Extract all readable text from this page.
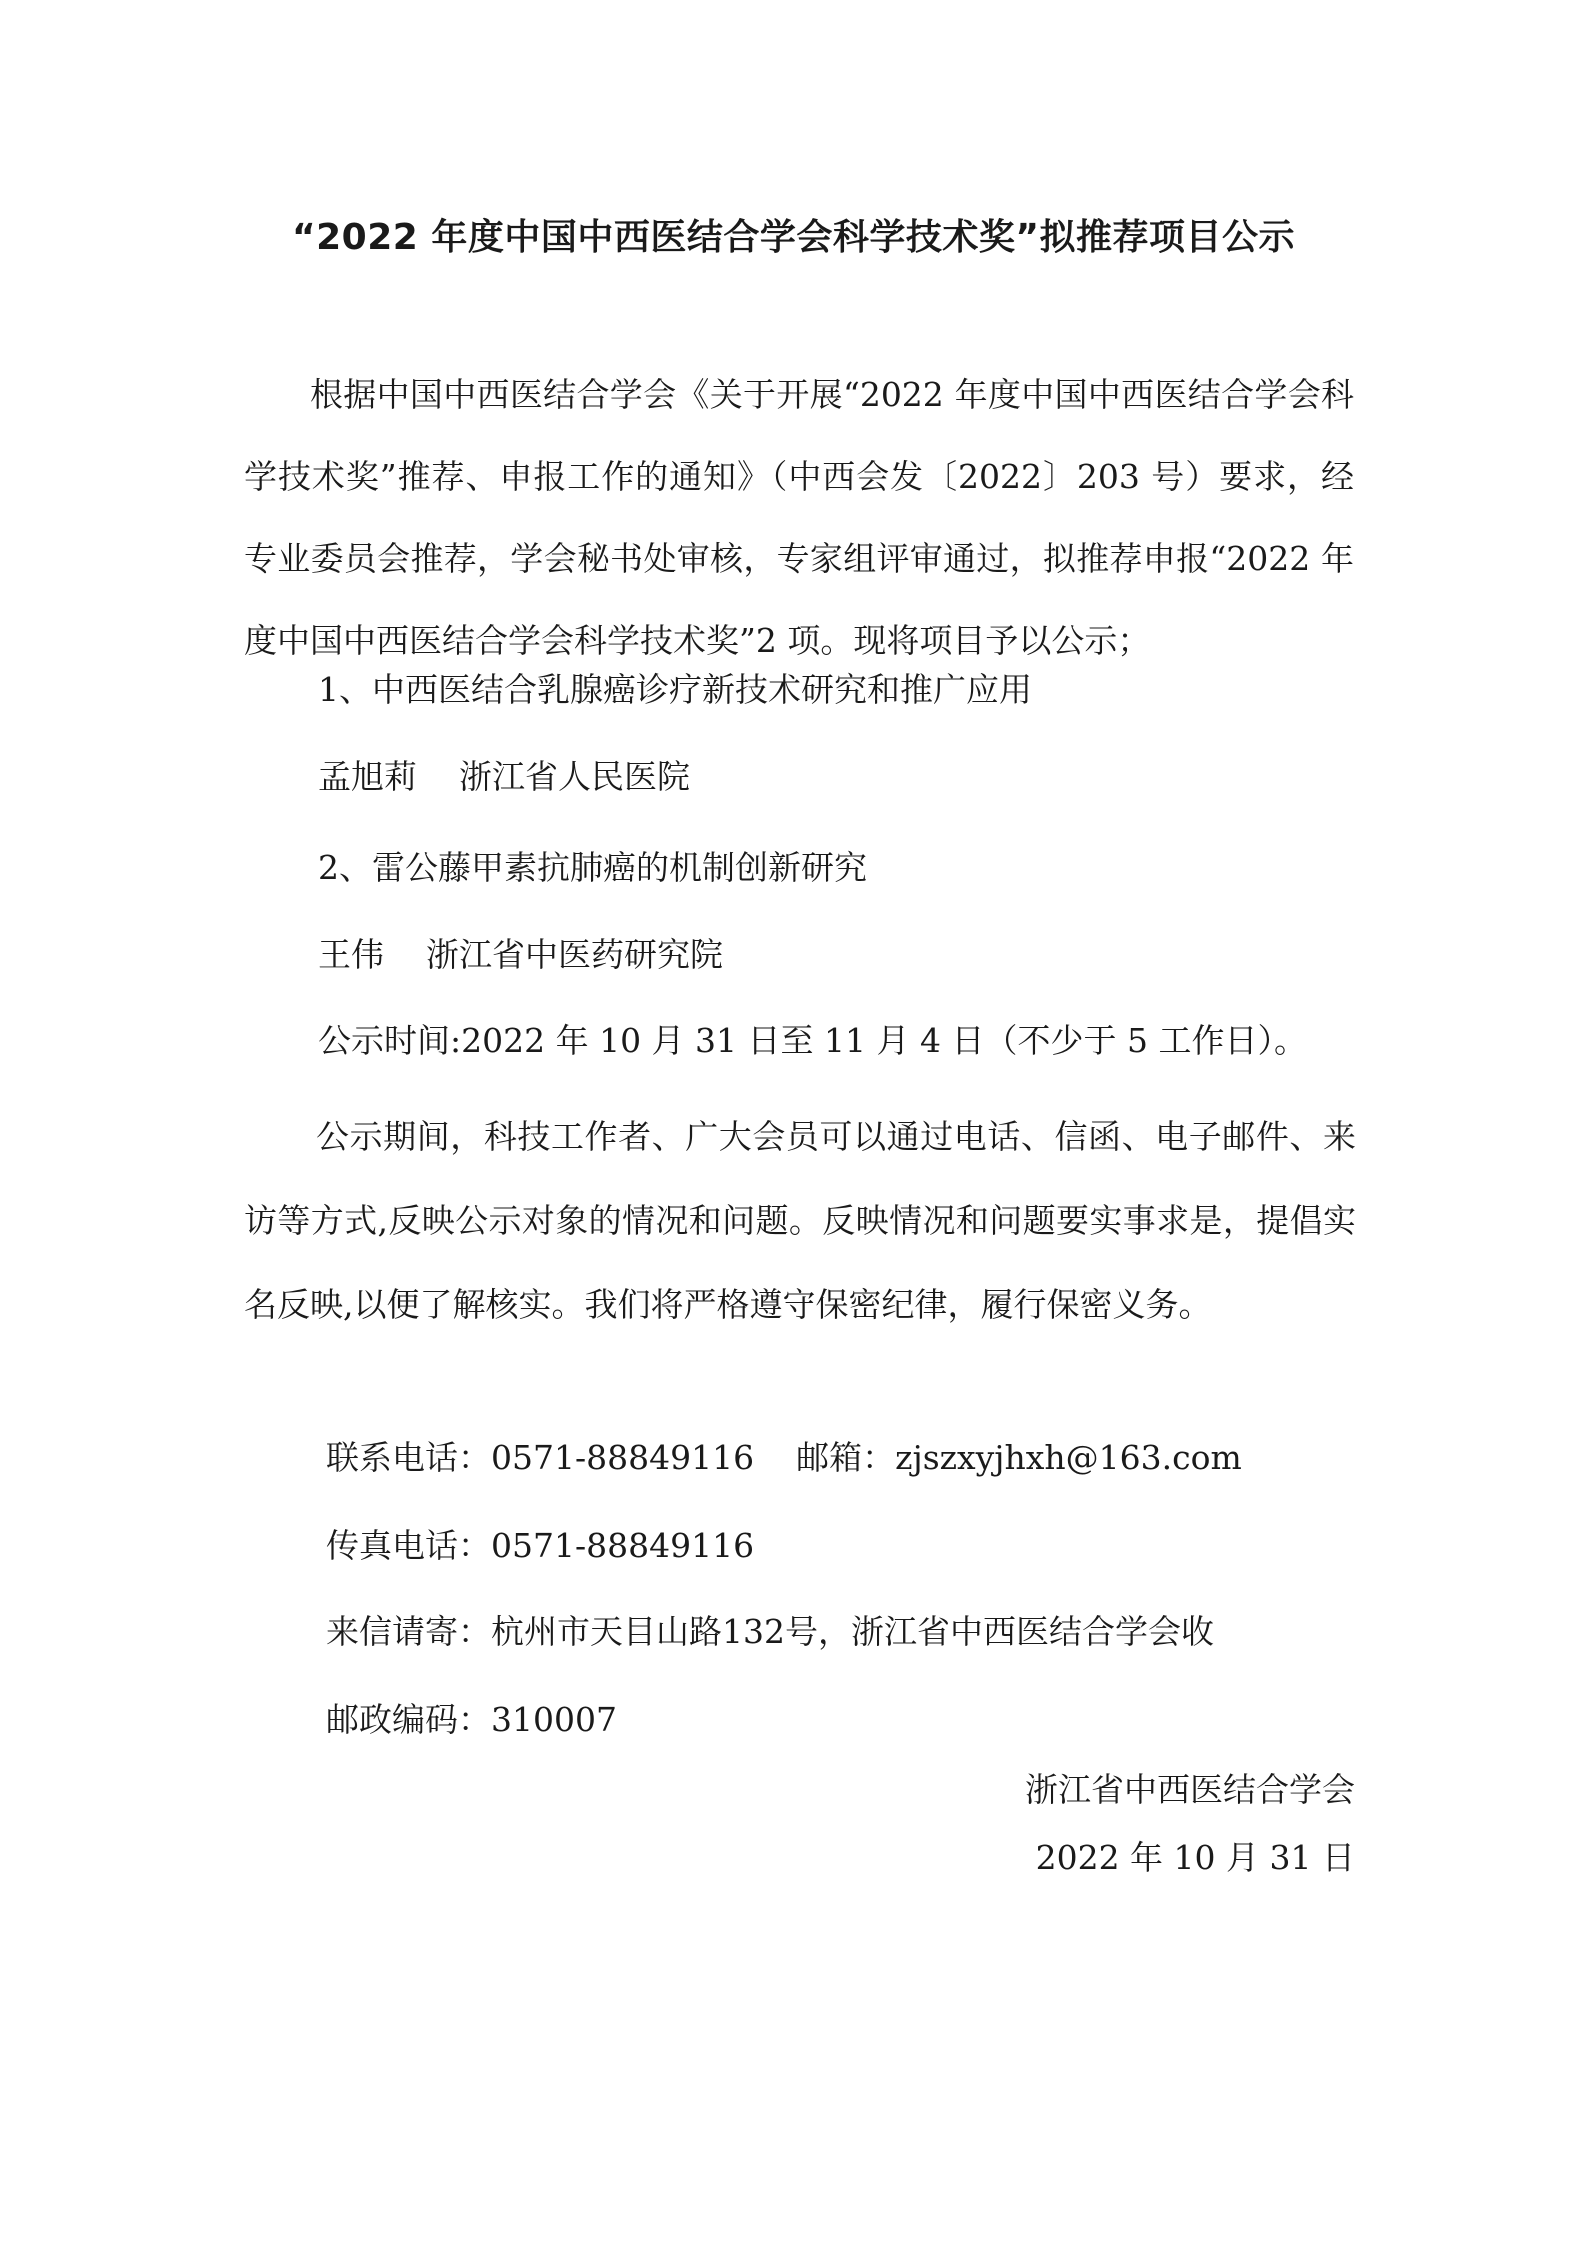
“2022 年度中国中西医结合学会科学技术奖”拟推荐项目公示

根据中国中西医结合学会《关于开展“2022 年度中国中西医结合学会科学技术奖”推荐、申报工作的通知》（中西会发〔2022〕203 号）要求，经专业委员会推荐，学会秘书处审核，专家组评审通过，拟推荐申报“2022 年度中国中西医结合学会科学技术奖”2 项。现将项目予以公示；

1、中西医结合乳腺癌诊疗新技术研究和推广应用

孟旭莉 浙江省人民医院

2、雷公藤甲素抗肺癌的机制创新研究

王伟 浙江省中医药研究院

公示时间:2022 年 10 月 31 日至 11 月 4 日（不少于 5 工作日）。

公示期间，科技工作者、广大会员可以通过电话、信函、电子邮件、来访等方式,反映公示对象的情况和问题。反映情况和问题要实事求是，提倡实名反映,以便了解核实。我们将严格遵守保密纪律，履行保密义务。

联系电话：0571-88849116 邮箱：zjszxyjhxh@163.com

传真电话：0571-88849116

来信请寄：杭州市天目山路132号，浙江省中西医结合学会收

邮政编码：310007

浙江省中西医结合学会

2022 年 10 月 31 日
